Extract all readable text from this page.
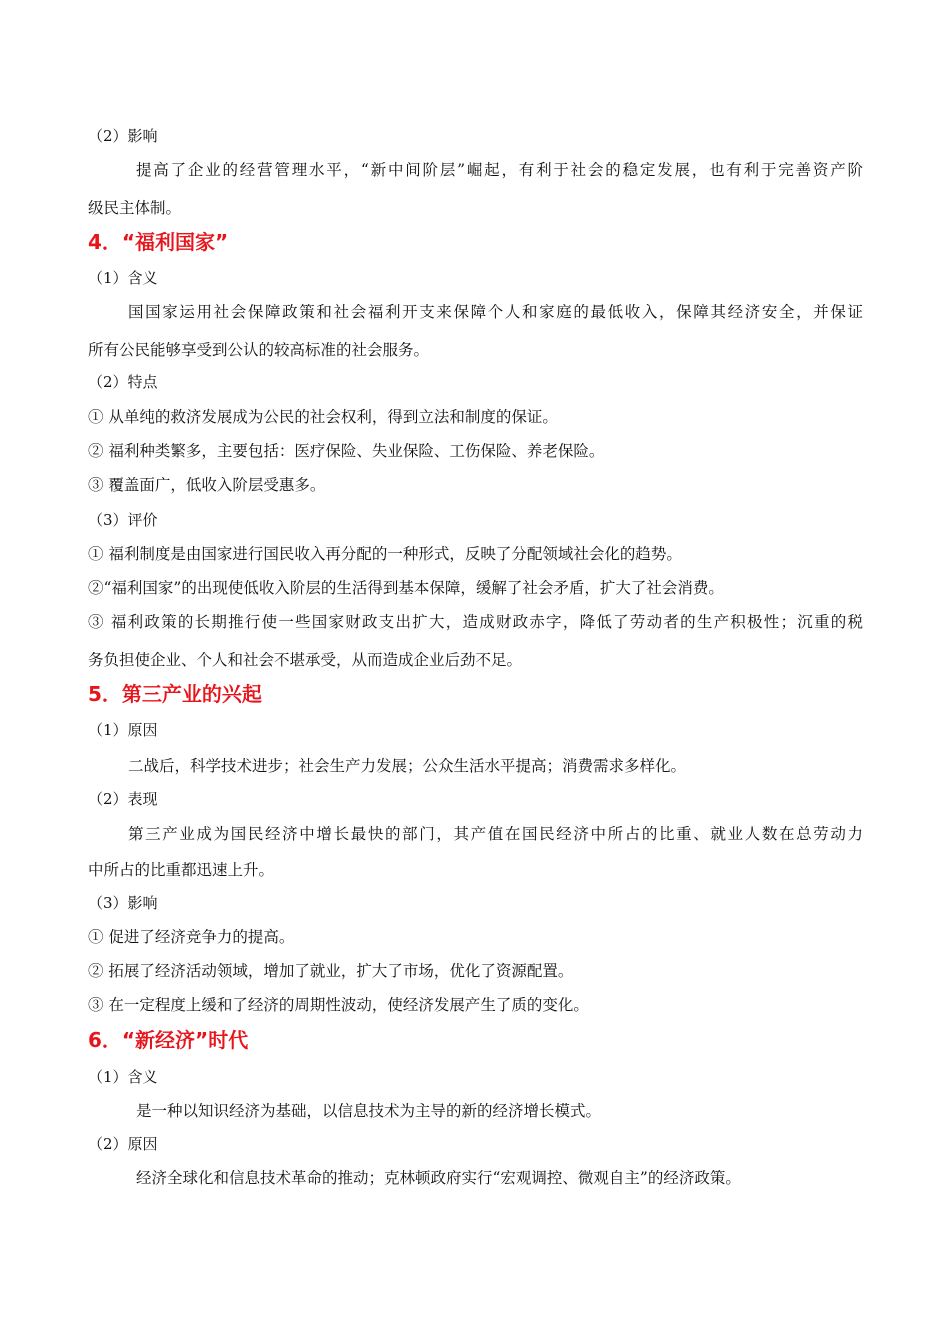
（2）影响
提高了企业的经营管理水平，“新中间阶层”崛起，有利于社会的稳定发展，也有利于完善资产阶
级民主体制。
4．“福利国家”
（1）含义
国国家运用社会保障政策和社会福利开支来保障个人和家庭的最低收入，保障其经济安全，并保证
所有公民能够享受到公认的较高标准的社会服务。
（2）特点
① 从单纯的救济发展成为公民的社会权利，得到立法和制度的保证。
② 福利种类繁多，主要包括：医疗保险、失业保险、工伤保险、养老保险。
③ 覆盖面广，低收入阶层受惠多。
（3）评价
① 福利制度是由国家进行国民收入再分配的一种形式，反映了分配领域社会化的趋势。
②“福利国家”的出现使低收入阶层的生活得到基本保障，缓解了社会矛盾，扩大了社会消费。
③ 福利政策的长期推行使一些国家财政支出扩大，造成财政赤字，降低了劳动者的生产积极性；沉重的税
务负担使企业、个人和社会不堪承受，从而造成企业后劲不足。
5．第三产业的兴起
（1）原因
二战后，科学技术进步；社会生产力发展；公众生活水平提高；消费需求多样化。
（2）表现
第三产业成为国民经济中增长最快的部门，其产值在国民经济中所占的比重、就业人数在总劳动力
中所占的比重都迅速上升。
（3）影响
① 促进了经济竞争力的提高。
② 拓展了经济活动领域，增加了就业，扩大了市场，优化了资源配置。
③ 在一定程度上缓和了经济的周期性波动，使经济发展产生了质的变化。
6．“新经济”时代
（1）含义
是一种以知识经济为基础，以信息技术为主导的新的经济增长模式。
（2）原因
经济全球化和信息技术革命的推动；克林顿政府实行“宏观调控、微观自主”的经济政策。
